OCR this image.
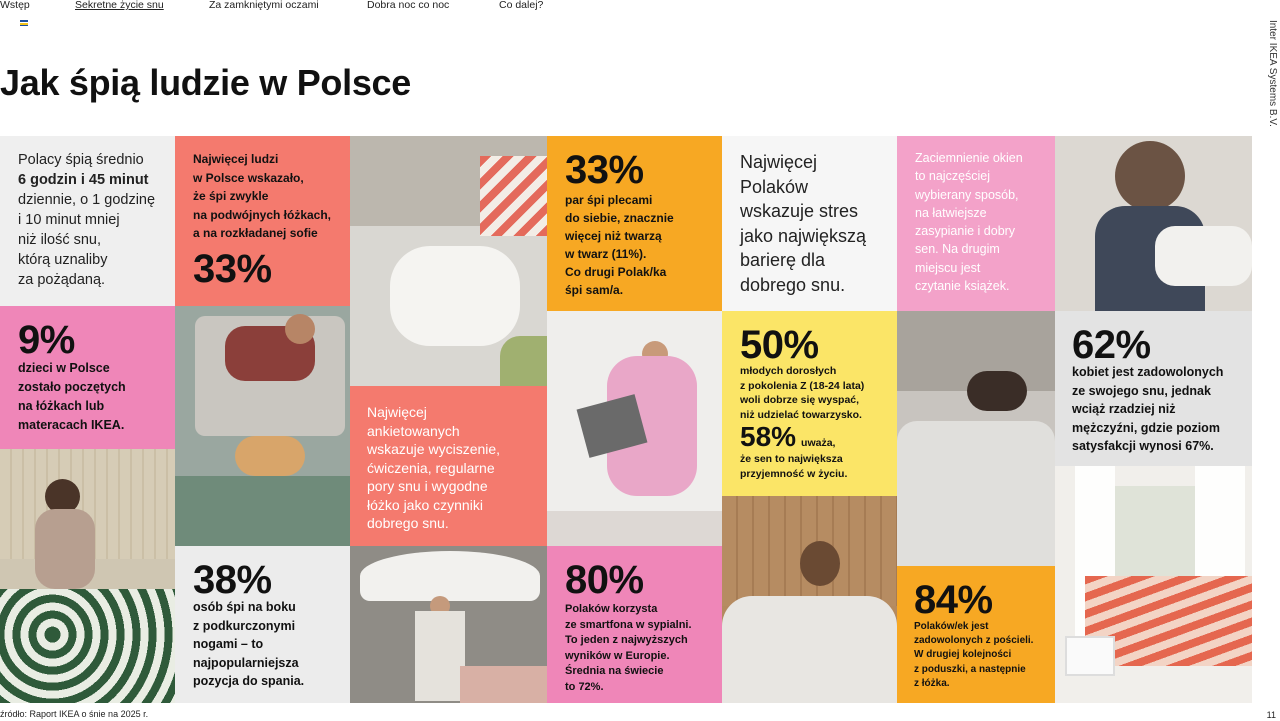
Wstęp	Sekretne życie snu	Za zamkniętymi oczami	Dobra noc co noc	Co dalej?
Inter IKEA Systems B.V.
Jak śpią ludzie w Polsce
Polacy śpią średnio
6 godzin i 45 minut
dziennie, o 1 godzinę
i 10 minut mniej
niż ilość snu,
którą uznaliby
za pożądaną.
Najwięcej ludzi
w Polsce wskazało,
że śpi zwykle
na podwójnych łóżkach,
a na rozkładanej sofie
33%
33%
par śpi plecami
do siebie, znacznie
więcej niż twarzą
w twarz (11%).
Co drugi Polak/ka
śpi sam/a.
Najwięcej
Polaków
wskazuje stres
jako największą
barierę dla
dobrego snu.
Zaciemnienie okien
to najczęściej
wybierany sposób,
na łatwiejsze
zasypianie i dobry
sen. Na drugim
miejscu jest
czytanie książek.
9%
dzieci w Polsce
zostało poczętych
na łóżkach lub
materacach IKEA.
Najwięcej
ankietowanych
wskazuje wyciszenie,
ćwiczenia, regularne
pory snu i wygodne
łóżko jako czynniki
dobrego snu.
50%
młodych dorosłych
z pokolenia Z (18-24 lata)
woli dobrze się wyspać,
niż udzielać towarzysko.
58% uważa,
że sen to największa
przyjemność w życiu.
62%
kobiet jest zadowolonych
ze swojego snu, jednak
wciąż rzadziej niż
mężczyźni, gdzie poziom
satysfakcji wynosi 67%.
38%
osób śpi na boku
z podkurczonymi
nogami – to
najpopularniejsza
pozycja do spania.
80%
Polaków korzysta
ze smartfona w sypialni.
To jeden z najwyższych
wyników w Europie.
Średnia na świecie
to 72%.
84%
Polaków/ek jest
zadowolonych z pościeli.
W drugiej kolejności
z poduszki, a następnie
z łóżka.
źródło: Raport IKEA o śnie na 2025 r.	11
